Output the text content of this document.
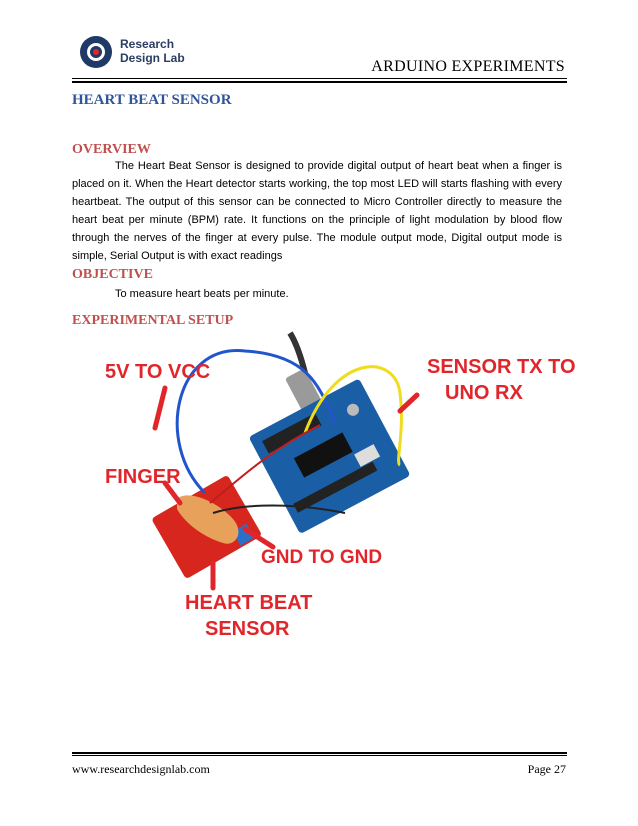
Research
Design Lab	ARDUINO EXPERIMENTS
HEART BEAT SENSOR
OVERVIEW

The Heart Beat Sensor is designed to provide digital output of heart beat when a finger is placed on it. When the Heart detector starts working, the top most LED will starts flashing with every heartbeat. The output of this sensor can be connected to Micro Controller directly to measure the heart beat per minute (BPM) rate. It functions on the principle of light modulation by blood flow through the nerves of the finger at every pulse. The module output mode, Digital output mode is simple, Serial Output is with exact readings

OBJECTIVE
To measure heart beats per minute.
EXPERIMENTAL SETUP
5V TO VCC	SENSOR TX TO
UNO RX
FINGER
GND TO GND
HEART BEAT
SENSOR
www.researchdesignlab.com	Page 27
